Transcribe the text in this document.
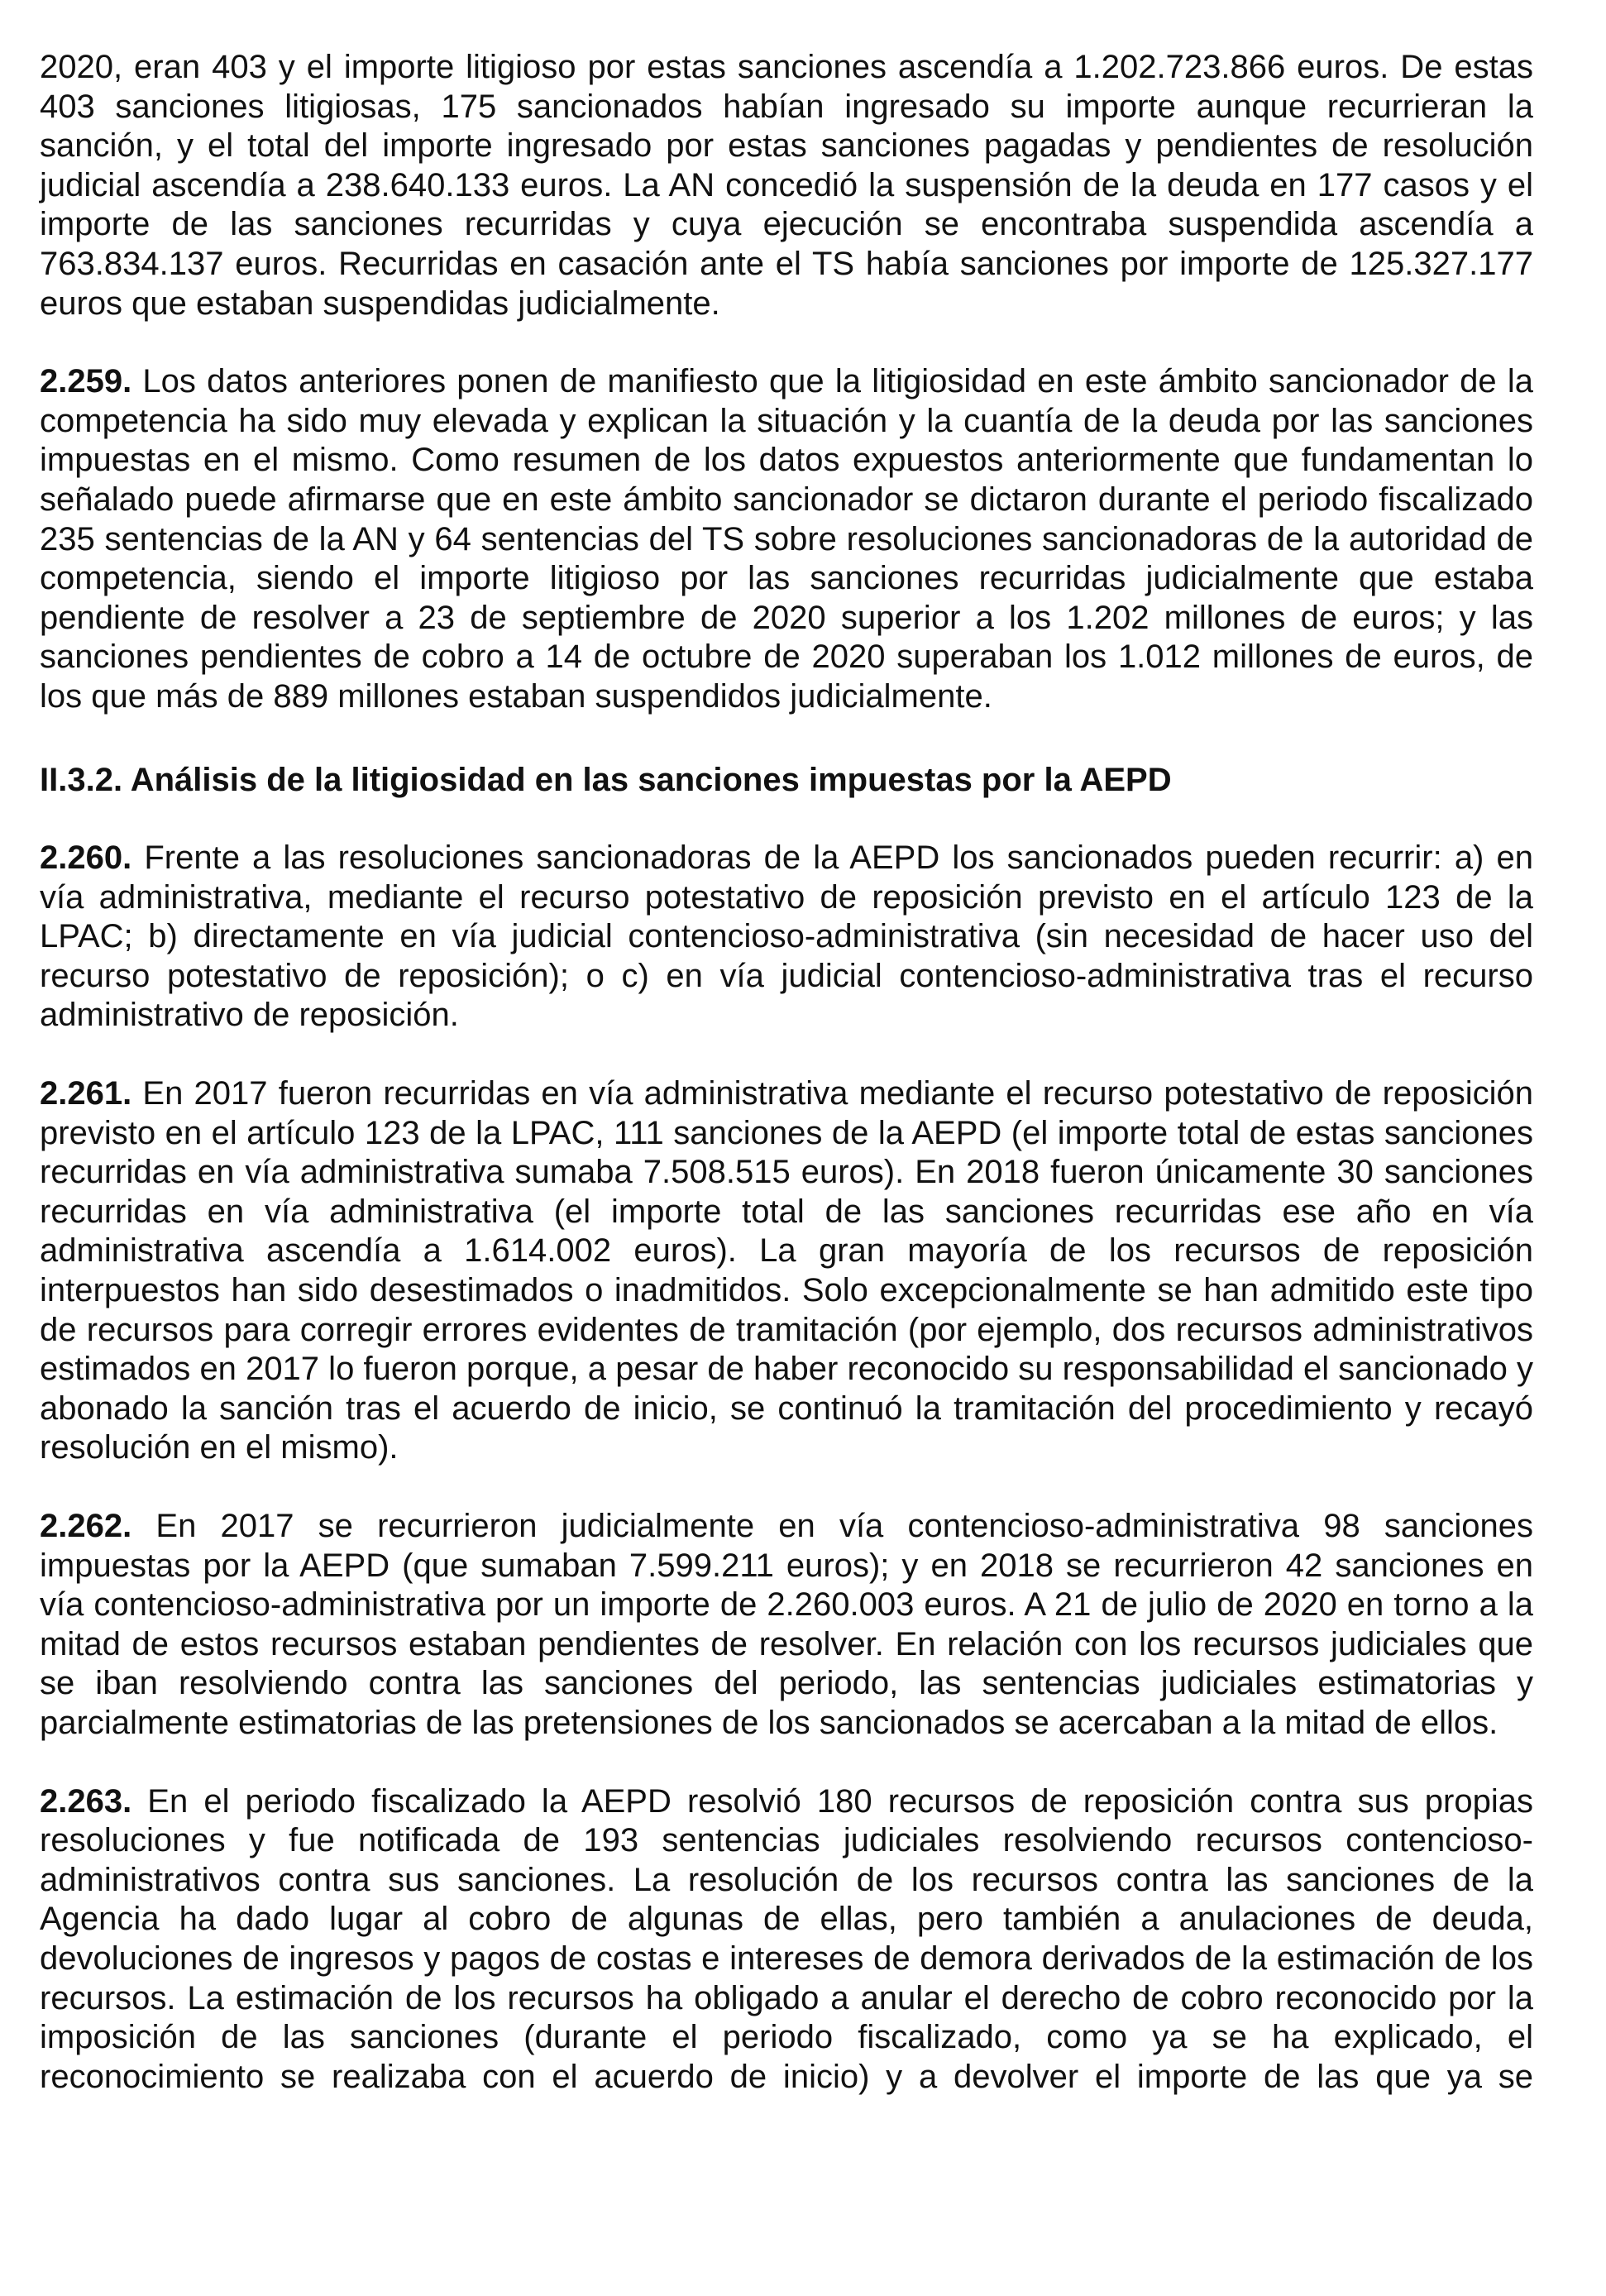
2020, eran 403 y el importe litigioso por estas sanciones ascendía a 1.202.723.866 euros. De estas 403 sanciones litigiosas, 175 sancionados habían ingresado su importe aunque recurrieran la sanción, y el total del importe ingresado por estas sanciones pagadas y pendientes de resolución judicial ascendía a 238.640.133 euros. La AN concedió la suspensión de la deuda en 177 casos y el importe de las sanciones recurridas y cuya ejecución se encontraba suspendida ascendía a 763.834.137 euros. Recurridas en casación ante el TS había sanciones por importe de 125.327.177 euros que estaban suspendidas judicialmente.

2.259. Los datos anteriores ponen de manifiesto que la litigiosidad en este ámbito sancionador de la competencia ha sido muy elevada y explican la situación y la cuantía de la deuda por las sanciones impuestas en el mismo. Como resumen de los datos expuestos anteriormente que fundamentan lo señalado puede afirmarse que en este ámbito sancionador se dictaron durante el periodo fiscalizado 235 sentencias de la AN y 64 sentencias del TS sobre resoluciones sancionadoras de la autoridad de competencia, siendo el importe litigioso por las sanciones recurridas judicialmente que estaba pendiente de resolver a 23 de septiembre de 2020 superior a los 1.202 millones de euros; y las sanciones pendientes de cobro a 14 de octubre de 2020 superaban los 1.012 millones de euros, de los que más de 889 millones estaban suspendidos judicialmente.

II.3.2. Análisis de la litigiosidad en las sanciones impuestas por la AEPD

2.260. Frente a las resoluciones sancionadoras de la AEPD los sancionados pueden recurrir: a) en vía administrativa, mediante el recurso potestativo de reposición previsto en el artículo 123 de la LPAC; b) directamente en vía judicial contencioso-administrativa (sin necesidad de hacer uso del recurso potestativo de reposición); o c) en vía judicial contencioso-administrativa tras el recurso administrativo de reposición.

2.261. En 2017 fueron recurridas en vía administrativa mediante el recurso potestativo de reposición previsto en el artículo 123 de la LPAC, 111 sanciones de la AEPD (el importe total de estas sanciones recurridas en vía administrativa sumaba 7.508.515 euros). En 2018 fueron únicamente 30 sanciones recurridas en vía administrativa (el importe total de las sanciones recurridas ese año en vía administrativa ascendía a 1.614.002 euros). La gran mayoría de los recursos de reposición interpuestos han sido desestimados o inadmitidos. Solo excepcionalmente se han admitido este tipo de recursos para corregir errores evidentes de tramitación (por ejemplo, dos recursos administrativos estimados en 2017 lo fueron porque, a pesar de haber reconocido su responsabilidad el sancionado y abonado la sanción tras el acuerdo de inicio, se continuó la tramitación del procedimiento y recayó resolución en el mismo).

2.262. En 2017 se recurrieron judicialmente en vía contencioso-administrativa 98 sanciones impuestas por la AEPD (que sumaban 7.599.211 euros); y en 2018 se recurrieron 42 sanciones en vía contencioso-administrativa por un importe de 2.260.003 euros. A 21 de julio de 2020 en torno a la mitad de estos recursos estaban pendientes de resolver. En relación con los recursos judiciales que se iban resolviendo contra las sanciones del periodo, las sentencias judiciales estimatorias y parcialmente estimatorias de las pretensiones de los sancionados se acercaban a la mitad de ellos.

2.263. En el periodo fiscalizado la AEPD resolvió 180 recursos de reposición contra sus propias resoluciones y fue notificada de 193 sentencias judiciales resolviendo recursos contencioso-administrativos contra sus sanciones. La resolución de los recursos contra las sanciones de la Agencia ha dado lugar al cobro de algunas de ellas, pero también a anulaciones de deuda, devoluciones de ingresos y pagos de costas e intereses de demora derivados de la estimación de los recursos. La estimación de los recursos ha obligado a anular el derecho de cobro reconocido por la imposición de las sanciones (durante el periodo fiscalizado, como ya se ha explicado, el reconocimiento se realizaba con el acuerdo de inicio) y a devolver el importe de las que ya se
